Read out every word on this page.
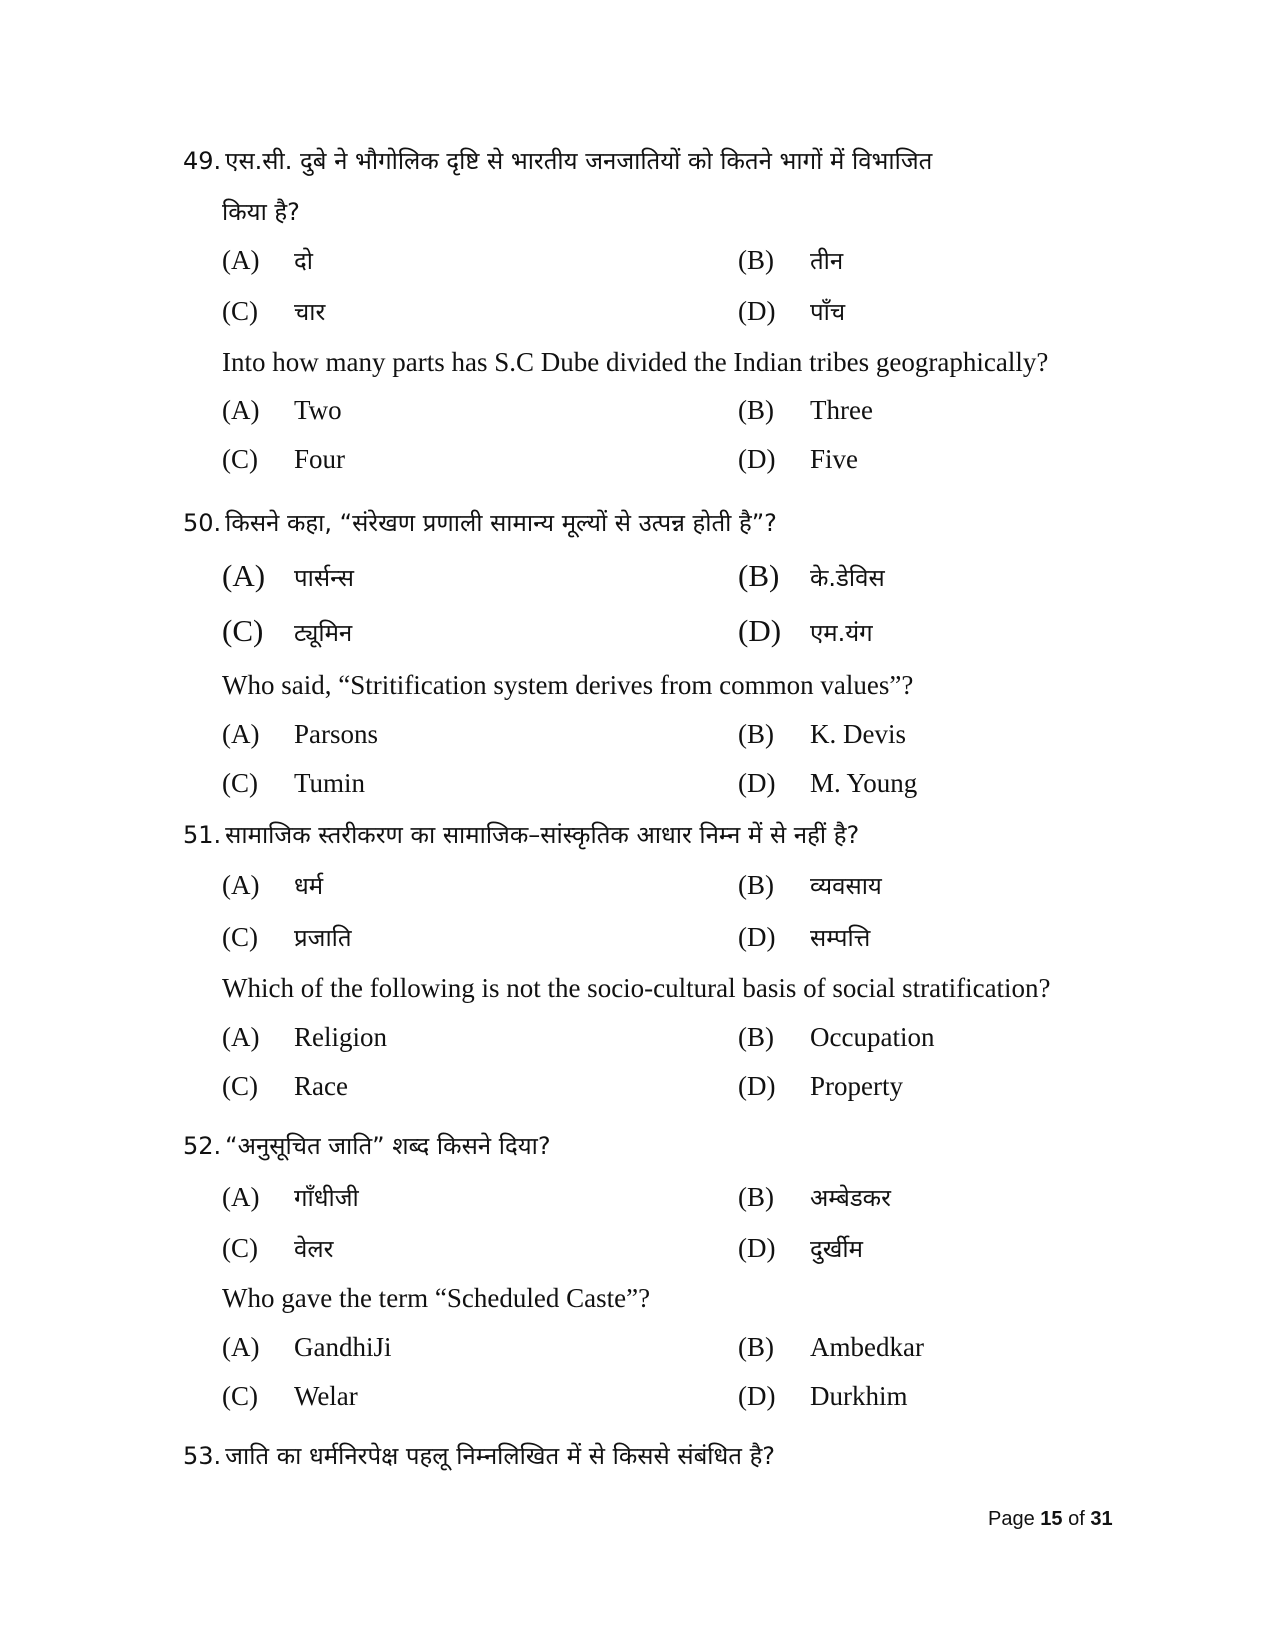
49. एस.सी. दुबे ने भौगोलिक दृष्टि से भारतीय जनजातियों को कितने भागों में विभाजित
किया है?
(A)	दो	(B)	तीन
(C)	चार	(D)	पाँच
Into how many parts has S.C Dube divided the Indian tribes geographically?
(A)	Two	(B)	Three
(C)	Four	(D)	Five
50. किसने कहा, “संरेखण प्रणाली सामान्य मूल्यों से उत्पन्न होती है”?
(A)	पार्सन्स	(B)	के.डेविस
(C)	ट्यूमिन	(D)	एम.यंग
Who said, “Stritification system derives from common values”?
(A)	Parsons	(B)	K. Devis
(C)	Tumin	(D)	M. Young
51. सामाजिक स्तरीकरण का सामाजिक–सांस्कृतिक आधार निम्न में से नहीं है?
(A)	धर्म	(B)	व्यवसाय
(C)	प्रजाति	(D)	सम्पत्ति
Which of the following is not the socio-cultural basis of social stratification?
(A)	Religion	(B)	Occupation
(C)	Race	(D)	Property
52. “अनुसूचित जाति” शब्द किसने दिया?
(A)	गाँधीजी	(B)	अम्बेडकर
(C)	वेलर	(D)	दुर्खीम
Who gave the term “Scheduled Caste”?
(A)	GandhiJi	(B)	Ambedkar
(C)	Welar	(D)	Durkhim
53. जाति का धर्मनिरपेक्ष पहलू निम्नलिखित में से किससे संबंधित है?
Page 15 of 31
